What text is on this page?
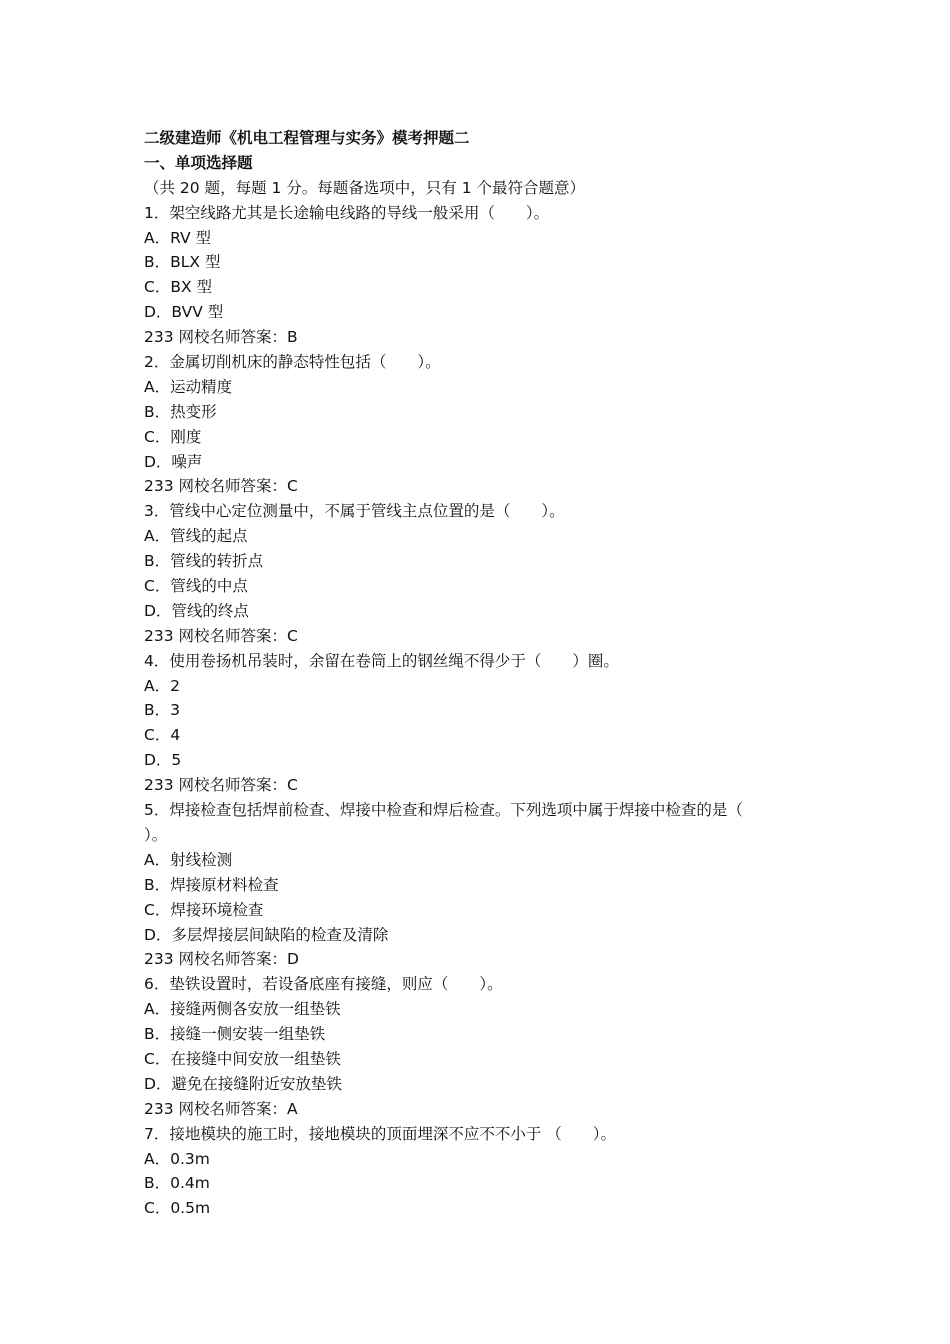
二级建造师《机电工程管理与实务》模考押题二
一、单项选择题
（共 20 题，每题 1 分。每题备选项中，只有 1 个最符合题意）
1．架空线路尤其是长途输电线路的导线一般采用（　　）。
A．RV 型
B．BLX 型
C．BX 型
D．BVV 型
233 网校名师答案：B
2．金属切削机床的静态特性包括（　　）。
A．运动精度
B．热变形
C．刚度
D．噪声
233 网校名师答案：C
3．管线中心定位测量中，不属于管线主点位置的是（　　）。
A．管线的起点
B．管线的转折点
C．管线的中点
D．管线的终点
233 网校名师答案：C
4．使用卷扬机吊装时，余留在卷筒上的钢丝绳不得少于（　　）圈。
A．2
B．3
C．4
D．5
233 网校名师答案：C
5．焊接检查包括焊前检查、焊接中检查和焊后检查。下列选项中属于焊接中检查的是（
）。
A．射线检测
B．焊接原材料检查
C．焊接环境检查
D．多层焊接层间缺陷的检查及清除
233 网校名师答案：D
6．垫铁设置时，若设备底座有接缝，则应（　　）。
A．接缝两侧各安放一组垫铁
B．接缝一侧安装一组垫铁
C．在接缝中间安放一组垫铁
D．避免在接缝附近安放垫铁
233 网校名师答案：A
7．接地模块的施工时，接地模块的顶面埋深不应不不小于 （　　）。
A．0.3m
B．0.4m
C．0.5m
